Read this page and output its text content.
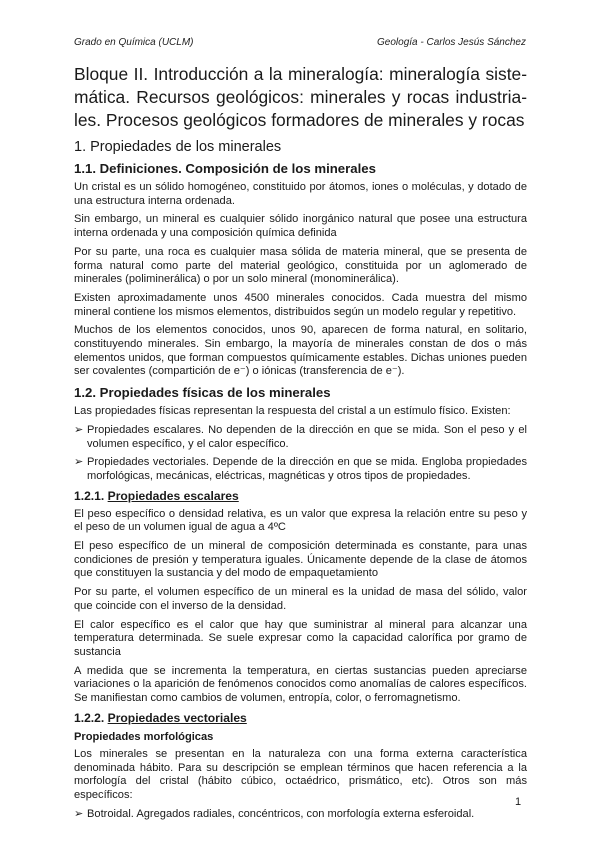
Grado en Química (UCLM)	Geología - Carlos Jesús Sánchez
Bloque II. Introducción a la mineralogía: mineralogía siste-
mática. Recursos geológicos: minerales y rocas industria-
les. Procesos geológicos formadores de minerales y rocas
1. Propiedades de los minerales
1.1. Definiciones. Composición de los minerales

Un cristal es un sólido homogéneo, constituido por átomos, iones o moléculas, y dotado de una estructura interna ordenada.

Sin embargo, un mineral es cualquier sólido inorgánico natural que posee una estructura interna ordenada y una composición química definida

Por su parte, una roca es cualquier masa sólida de materia mineral, que se presenta de forma natural como parte del material geológico, constituida por un aglomerado de minerales (poliminerálica) o por un solo mineral (monominerálica).

Existen aproximadamente unos 4500 minerales conocidos. Cada muestra del mismo mineral contiene los mismos elementos, distribuidos según un modelo regular y repetitivo.

Muchos de los elementos conocidos, unos 90, aparecen de forma natural, en solitario, constituyendo minerales. Sin embargo, la mayoría de minerales constan de dos o más elementos unidos, que forman compuestos químicamente estables. Dichas uniones pueden ser covalentes (compartición de e⁻) o iónicas (transferencia de e⁻).

1.2. Propiedades físicas de los minerales

Las propiedades físicas representan la respuesta del cristal a un estímulo físico. Existen:

➢ Propiedades escalares. No dependen de la dirección en que se mida. Son el peso y el volumen específico, y el calor específico.
➢ Propiedades vectoriales. Depende de la dirección en que se mida. Engloba propiedades morfológicas, mecánicas, eléctricas, magnéticas y otros tipos de propiedades.
1.2.1. Propiedades escalares

El peso específico o densidad relativa, es un valor que expresa la relación entre su peso y el peso de un volumen igual de agua a 4ºC

El peso específico de un mineral de composición determinada es constante, para unas condiciones de presión y temperatura iguales. Únicamente depende de la clase de átomos que constituyen la sustancia y del modo de empaquetamiento

Por su parte, el volumen específico de un mineral es la unidad de masa del sólido, valor que coincide con el inverso de la densidad.

El calor específico es el calor que hay que suministrar al mineral para alcanzar una temperatura determinada. Se suele expresar como la capacidad calorífica por gramo de sustancia

A medida que se incrementa la temperatura, en ciertas sustancias pueden apreciarse variaciones o la aparición de fenómenos conocidos como anomalías de calores específicos. Se manifiestan como cambios de volumen, entropía, color, o ferromagnetismo.

1.2.2. Propiedades vectoriales
Propiedades morfológicas

Los minerales se presentan en la naturaleza con una forma externa característica denominada hábito. Para su descripción se emplean términos que hacen referencia a la morfología del cristal (hábito cúbico, octaédrico, prismático, etc). Otros son más específicos:

➢ Botroidal. Agregados radiales, concéntricos, con morfología externa esferoidal.
1
